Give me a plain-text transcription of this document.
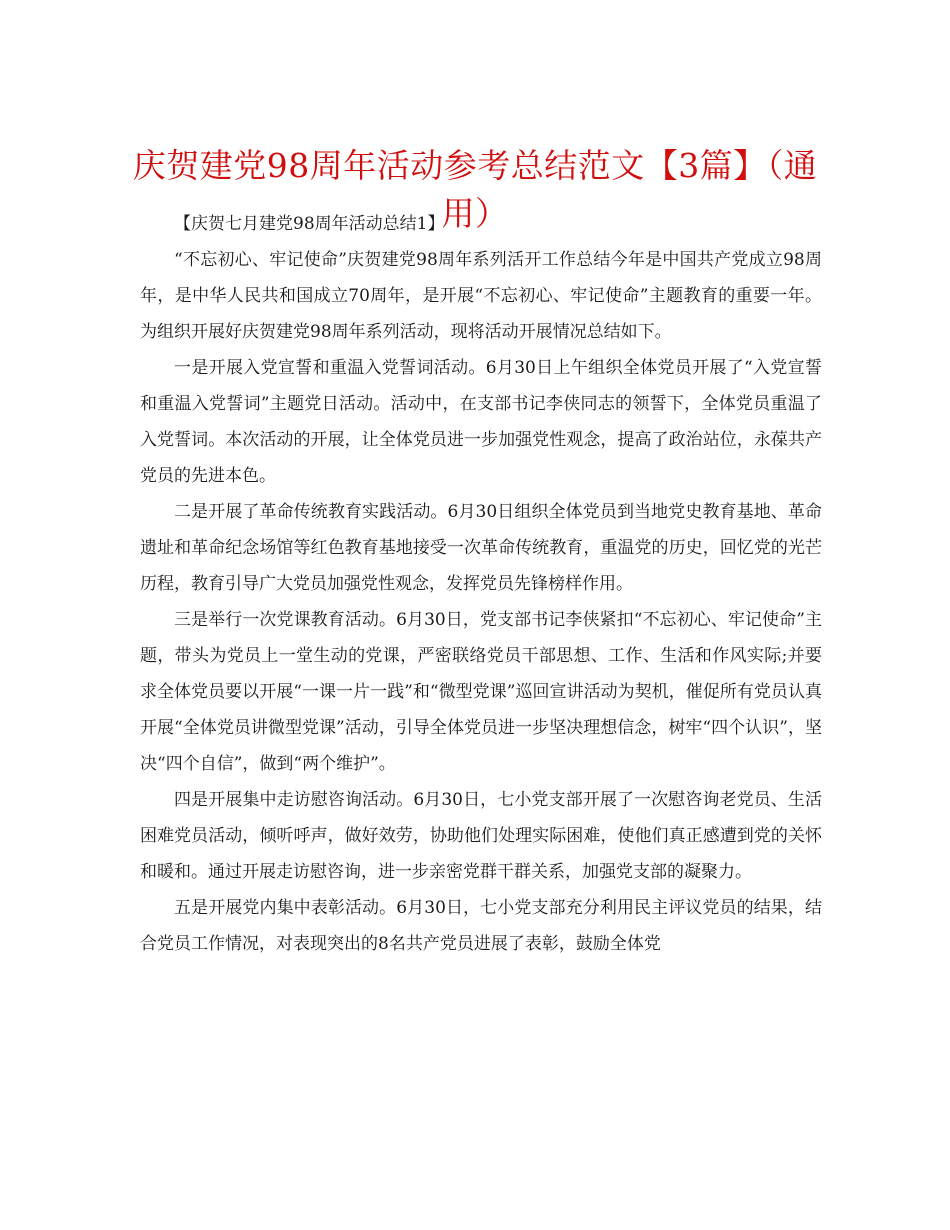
庆贺建党98周年活动参考总结范文【3篇】（通用）

【庆贺七月建党98周年活动总结1】

“不忘初心、牢记使命”庆贺建党98周年系列活开工作总结今年是中国共产党成立98周年，是中华人民共和国成立70周年，是开展“不忘初心、牢记使命”主题教育的重要一年。为组织开展好庆贺建党98周年系列活动，现将活动开展情况总结如下。

一是开展入党宣誓和重温入党誓词活动。6月30日上午组织全体党员开展了“入党宣誓和重温入党誓词”主题党日活动。活动中，在支部书记李侠同志的领誓下，全体党员重温了入党誓词。本次活动的开展，让全体党员进一步加强党性观念，提高了政治站位，永葆共产党员的先进本色。

二是开展了革命传统教育实践活动。6月30日组织全体党员到当地党史教育基地、革命遗址和革命纪念场馆等红色教育基地接受一次革命传统教育，重温党的历史，回忆党的光芒历程，教育引导广大党员加强党性观念，发挥党员先锋榜样作用。

三是举行一次党课教育活动。6月30日，党支部书记李侠紧扣“不忘初心、牢记使命”主题，带头为党员上一堂生动的党课，严密联络党员干部思想、工作、生活和作风实际;并要求全体党员要以开展“一课一片一践”和“微型党课”巡回宣讲活动为契机，催促所有党员认真开展“全体党员讲微型党课”活动，引导全体党员进一步坚决理想信念，树牢“四个认识”，坚决“四个自信”，做到“两个维护”。

四是开展集中走访慰咨询活动。6月30日，七小党支部开展了一次慰咨询老党员、生活困难党员活动，倾听呼声，做好效劳，协助他们处理实际困难，使他们真正感遭到党的关怀和暖和。通过开展走访慰咨询，进一步亲密党群干群关系，加强党支部的凝聚力。

五是开展党内集中表彰活动。6月30日，七小党支部充分利用民主评议党员的结果，结合党员工作情况，对表现突出的8名共产党员进展了表彰，鼓励全体党
